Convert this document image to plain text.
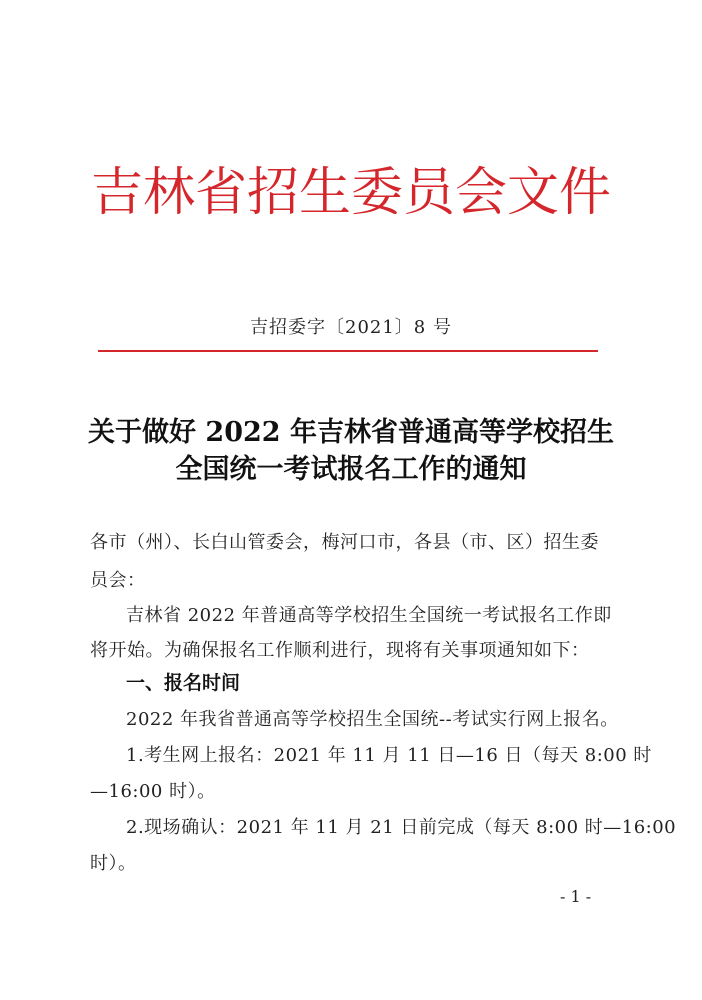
吉林省招生委员会文件
吉招委字〔2021〕8 号
关于做好 2022 年吉林省普通高等学校招生
全国统一考试报名工作的通知
各市（州）、长白山管委会，梅河口市，各县（市、区）招生委
员会：
吉林省 2022 年普通高等学校招生全国统一考试报名工作即
将开始。为确保报名工作顺利进行，现将有关事项通知如下：
一、报名时间
2022 年我省普通高等学校招生全国统--考试实行网上报名。
1.考生网上报名：2021 年 11 月 11 日—16 日（每天 8:00 时
—16:00 时）。
2.现场确认：2021 年 11 月 21 日前完成（每天 8:00 时—16:00
时）。
- 1 -
